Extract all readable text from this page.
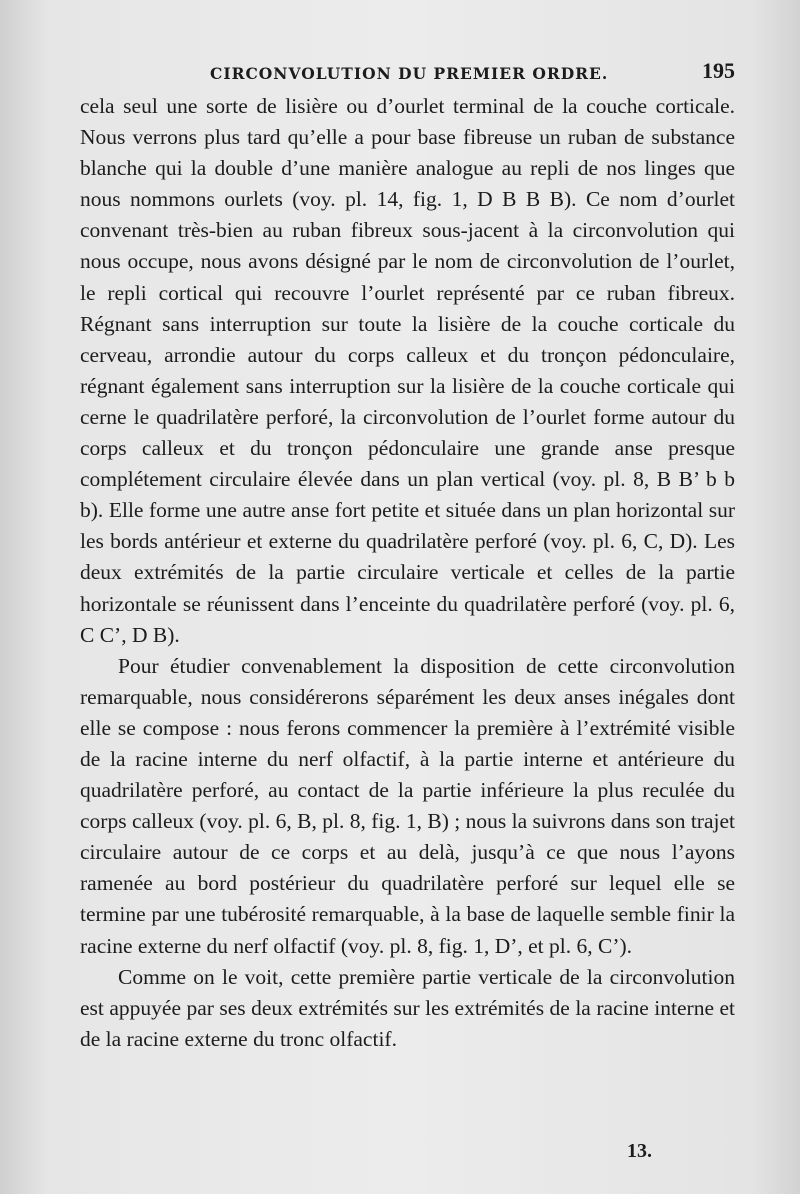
CIRCONVOLUTION DU PREMIER ORDRE.	195

cela seul une sorte de lisière ou d’ourlet terminal de la couche corticale. Nous verrons plus tard qu’elle a pour base fibreuse un ruban de substance blanche qui la double d’une manière analogue au repli de nos linges que nous nommons ourlets (voy. pl. 14, fig. 1, D B B B). Ce nom d’ourlet convenant très-bien au ruban fibreux sous-jacent à la circonvolution qui nous occupe, nous avons désigné par le nom de circonvolution de l’ourlet, le repli cortical qui recouvre l’ourlet représenté par ce ruban fibreux. Régnant sans interruption sur toute la lisière de la couche corticale du cerveau, arrondie autour du corps calleux et du tronçon pédonculaire, régnant également sans interruption sur la lisière de la couche corticale qui cerne le quadrilatère perforé, la circonvolution de l’ourlet forme autour du corps calleux et du tronçon pédonculaire une grande anse presque complétement circulaire élevée dans un plan vertical (voy. pl. 8, B B’ b b b). Elle forme une autre anse fort petite et située dans un plan horizontal sur les bords antérieur et externe du quadrilatère perforé (voy. pl. 6, C, D). Les deux extrémités de la partie circulaire verticale et celles de la partie horizontale se réunissent dans l’enceinte du quadrilatère perforé (voy. pl. 6, C C’, D B).

Pour étudier convenablement la disposition de cette circonvolution remarquable, nous considérerons séparément les deux anses inégales dont elle se compose : nous ferons commencer la première à l’extrémité visible de la racine interne du nerf olfactif, à la partie interne et antérieure du quadrilatère perforé, au contact de la partie inférieure la plus reculée du corps calleux (voy. pl. 6, B, pl. 8, fig. 1, B) ; nous la suivrons dans son trajet circulaire autour de ce corps et au delà, jusqu’à ce que nous l’ayons ramenée au bord postérieur du quadrilatère perforé sur lequel elle se termine par une tubérosité remarquable, à la base de laquelle semble finir la racine externe du nerf olfactif (voy. pl. 8, fig. 1, D’, et pl. 6, C’).

Comme on le voit, cette première partie verticale de la circonvolution est appuyée par ses deux extrémités sur les extrémités de la racine interne et de la racine externe du tronc olfactif.

13.
